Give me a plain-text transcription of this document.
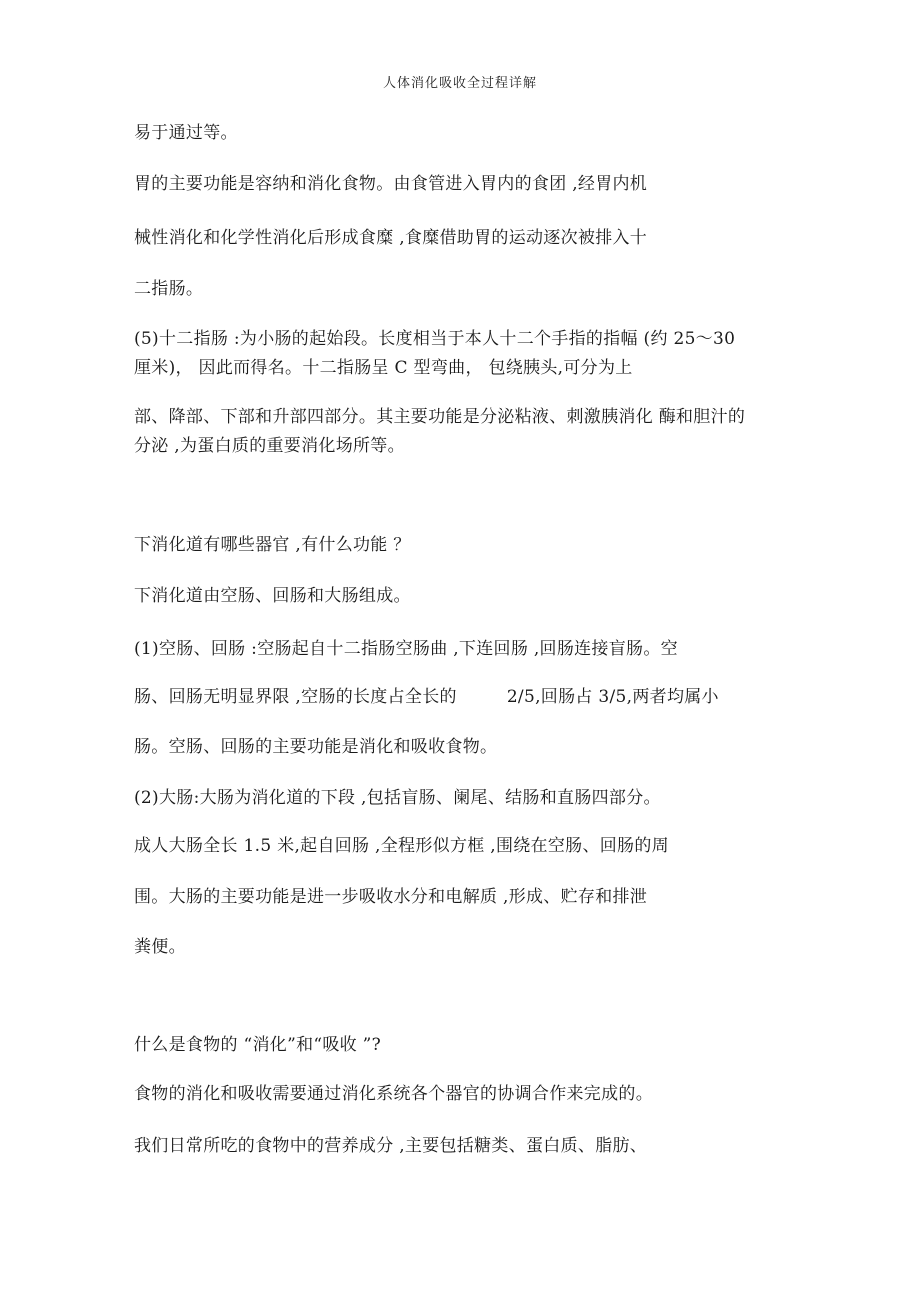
人体消化吸收全过程详解
易于通过等。
胃的主要功能是容纳和消化食物。由食管进入胃内的食团 ,经胃内机
械性消化和化学性消化后形成食糜 ,食糜借助胃的运动逐次被排入十
二指肠。
(5)十二指肠 :为小肠的起始段。长度相当于本人十二个手指的指幅 (约 25～30
厘米)， 因此而得名。十二指肠呈 C 型弯曲， 包绕胰头,可分为上
部、降部、下部和升部四部分。其主要功能是分泌粘液、刺激胰消化 酶和胆汁的
分泌 ,为蛋白质的重要消化场所等。
下消化道有哪些器官 ,有什么功能 ？
下消化道由空肠、回肠和大肠组成。
(1)空肠、回肠 :空肠起自十二指肠空肠曲 ,下连回肠 ,回肠连接盲肠。空
肠、回肠无明显界限 ,空肠的长度占全长的	2/5,回肠占 3/5,两者均属小
肠。空肠、回肠的主要功能是消化和吸收食物。
(2)大肠:大肠为消化道的下段 ,包括盲肠、阑尾、结肠和直肠四部分。
成人大肠全长 1.5 米,起自回肠 ,全程形似方框 ,围绕在空肠、回肠的周
围。大肠的主要功能是进一步吸收水分和电解质 ,形成、贮存和排泄
粪便。
什么是食物的 “消化”和“吸收 ”?
食物的消化和吸收需要通过消化系统各个器官的协调合作来完成的。
我们日常所吃的食物中的营养成分 ,主要包括糖类、蛋白质、脂肪、
